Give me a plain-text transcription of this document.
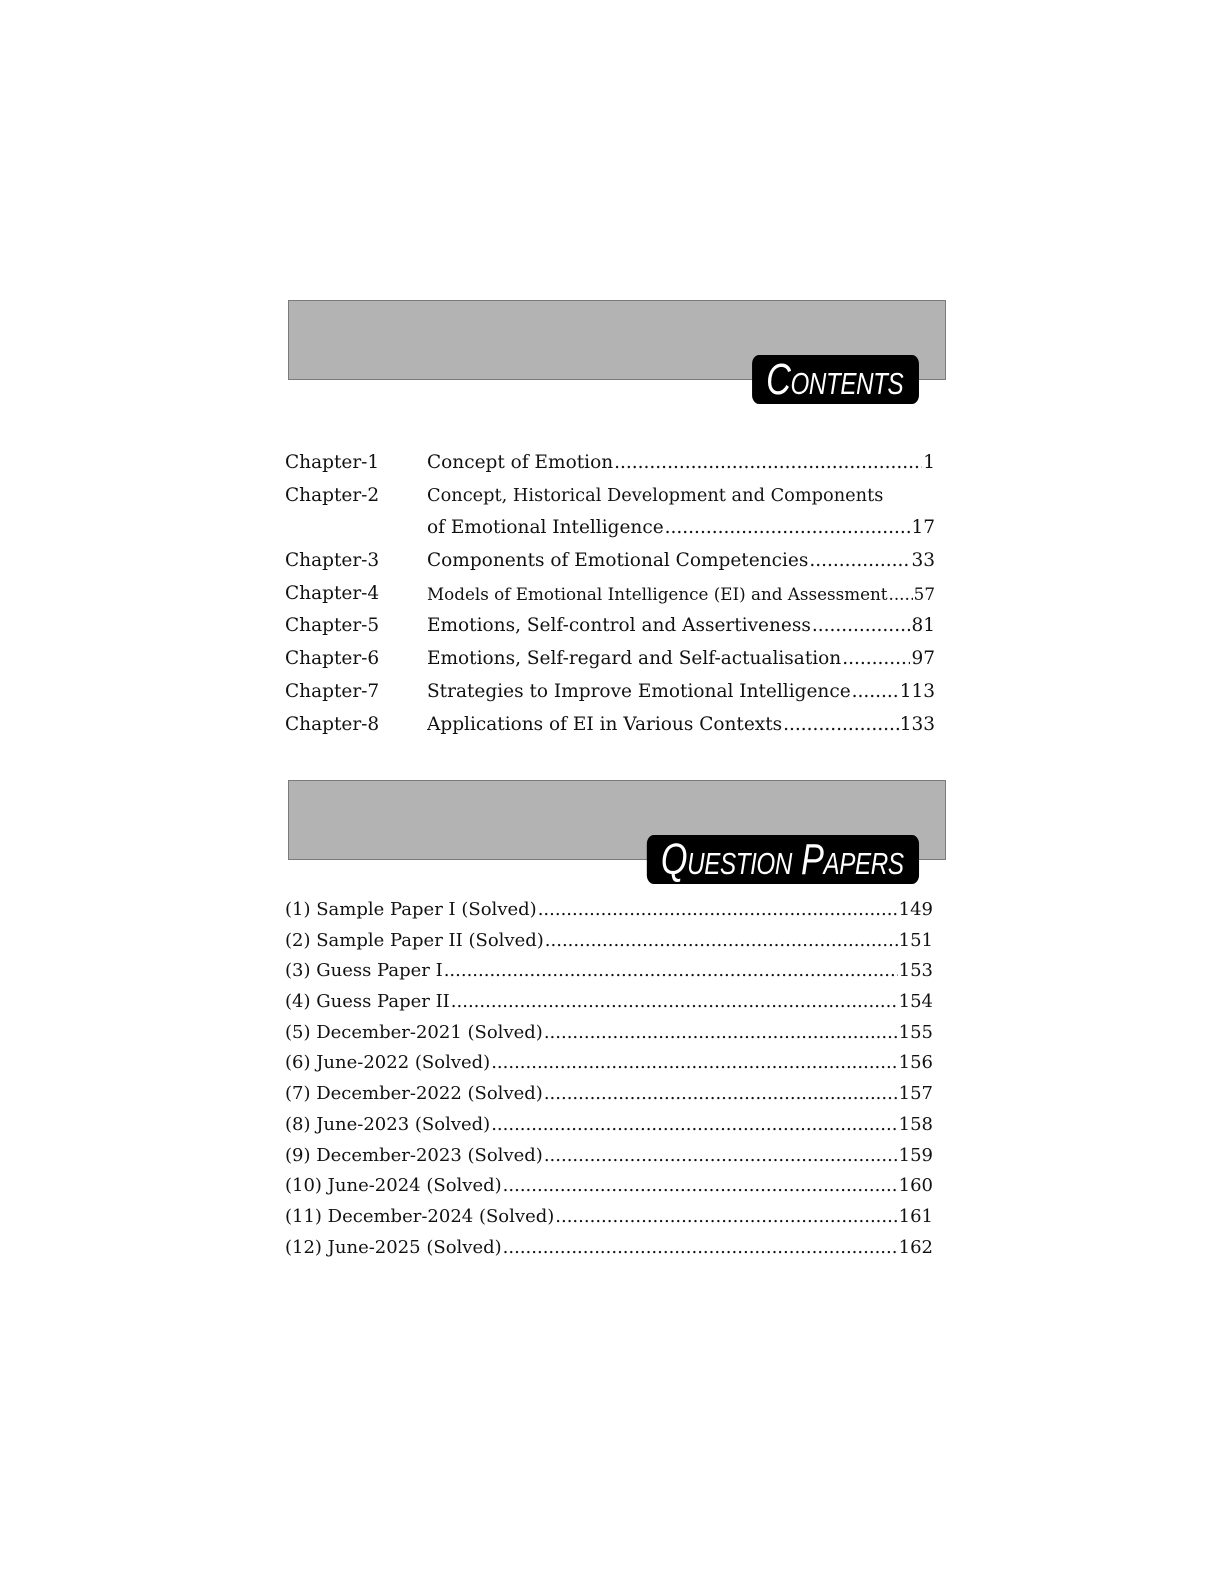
Contents
Chapter-1	Concept of Emotion .....	1
Chapter-2	Concept, Historical Development and Components
of Emotional Intelligence .....	17
Chapter-3	Components of Emotional Competencies .....	33
Chapter-4	Models of Emotional Intelligence (EI) and Assessment ..... 57
Chapter-5	Emotions, Self-control and Assertiveness .....	81
Chapter-6	Emotions, Self-regard and Self-actualisation .....	97
Chapter-7	Strategies to Improve Emotional Intelligence .....	113
Chapter-8	Applications of EI in Various Contexts .....	133
Question Papers
(1) Sample Paper I (Solved) .....	149
(2) Sample Paper II (Solved) .....	151
(3) Guess Paper I .....	153
(4) Guess Paper II .....	154
(5) December-2021 (Solved) .....	155
(6) June-2022 (Solved) .....	156
(7) December-2022 (Solved) .....	157
(8) June-2023 (Solved) .....	158
(9) December-2023 (Solved) .....	159
(10) June-2024 (Solved) .....	160
(11) December-2024 (Solved) .....	161
(12) June-2025 (Solved) .....	162
